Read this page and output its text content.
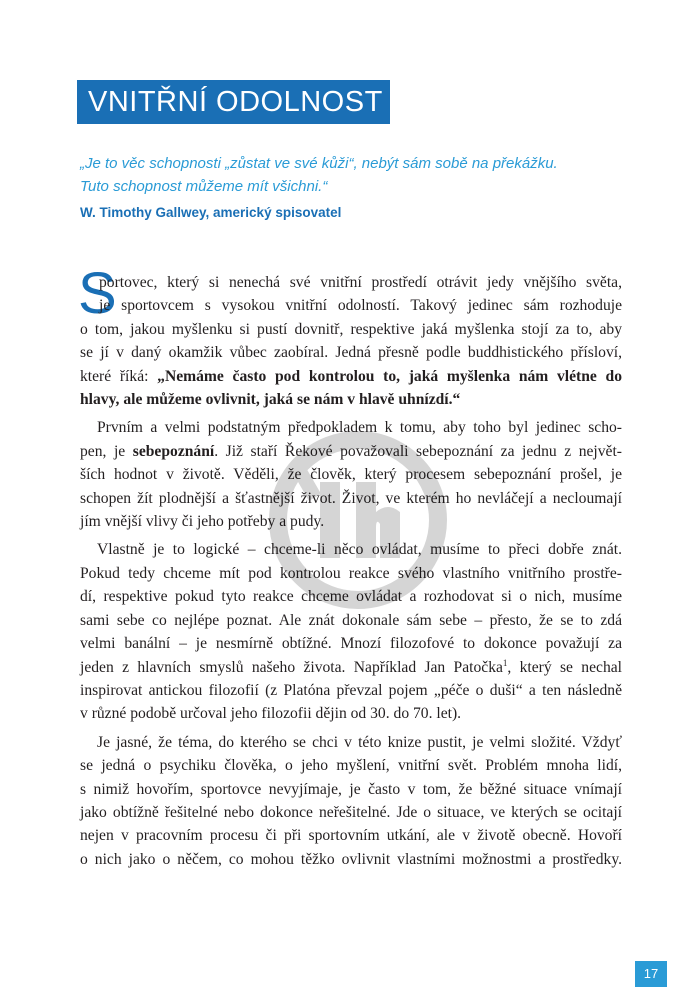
VNITŘNÍ ODOLNOST
„Je to věc schopnosti „zůstat ve své kůži“, nebýt sám sobě na překážku.
Tuto schopnost můžeme mít všichni.“
W. Timothy Gallwey, americký spisovatel
S
portovec, který si nenechá své vnitřní prostředí otrávit jedy vnějšího světa,
je sportovcem s vysokou vnitřní odolností. Takový jedinec sám rozhoduje
o tom, jakou myšlenku si pustí dovnitř, respektive jaká myšlenka stojí za to, aby
se jí v daný okamžik vůbec zaobíral. Jedná přesně podle buddhistického přísloví,
které říká: „Nemáme často pod kontrolou to, jaká myšlenka nám vlétne do
hlavy, ale můžeme ovlivnit, jaká se nám v hlavě uhnízdí.“
Prvním a velmi podstatným předpokladem k tomu, aby toho byl jedinec scho-
pen, je sebepoznání. Již staří Řekové považovali sebepoznání za jednu z největ-
ších hodnot v životě. Věděli, že člověk, který procesem sebepoznání prošel, je
schopen žít plodnější a šťastnější život. Život, ve kterém ho nevláčejí a necloumají
jím vnější vlivy či jeho potřeby a pudy.
Vlastně je to logické – chceme-li něco ovládat, musíme to přeci dobře znát.
Pokud tedy chceme mít pod kontrolou reakce svého vlastního vnitřního prostře-
dí, respektive pokud tyto reakce chceme ovládat a rozhodovat si o nich, musíme
sami sebe co nejlépe poznat. Ale znát dokonale sám sebe – přesto, že se to zdá
velmi banální – je nesmírně obtížné. Mnozí filozofové to dokonce považují za
jeden z hlavních smyslů našeho života. Například Jan Patočka$^1$, který se nechal
inspirovat antickou filozofií (z Platóna převzal pojem „péče o duši“ a ten následně
v různé podobě určoval jeho filozofii dějin od 30. do 70. let).
Je jasné, že téma, do kterého se chci v této knize pustit, je velmi složité. Vždyť
se jedná o psychiku člověka, o jeho myšlení, vnitřní svět. Problém mnoha lidí,
s nimiž hovořím, sportovce nevyjímaje, je často v tom, že běžné situace vnímají
jako obtížně řešitelné nebo dokonce neřešitelné. Jde o situace, ve kterých se ocitají
nejen v pracovním procesu či při sportovním utkání, ale v životě obecně. Hovoří
o nich jako o něčem, co mohou těžko ovlivnit vlastními možnostmi a prostředky.
17
